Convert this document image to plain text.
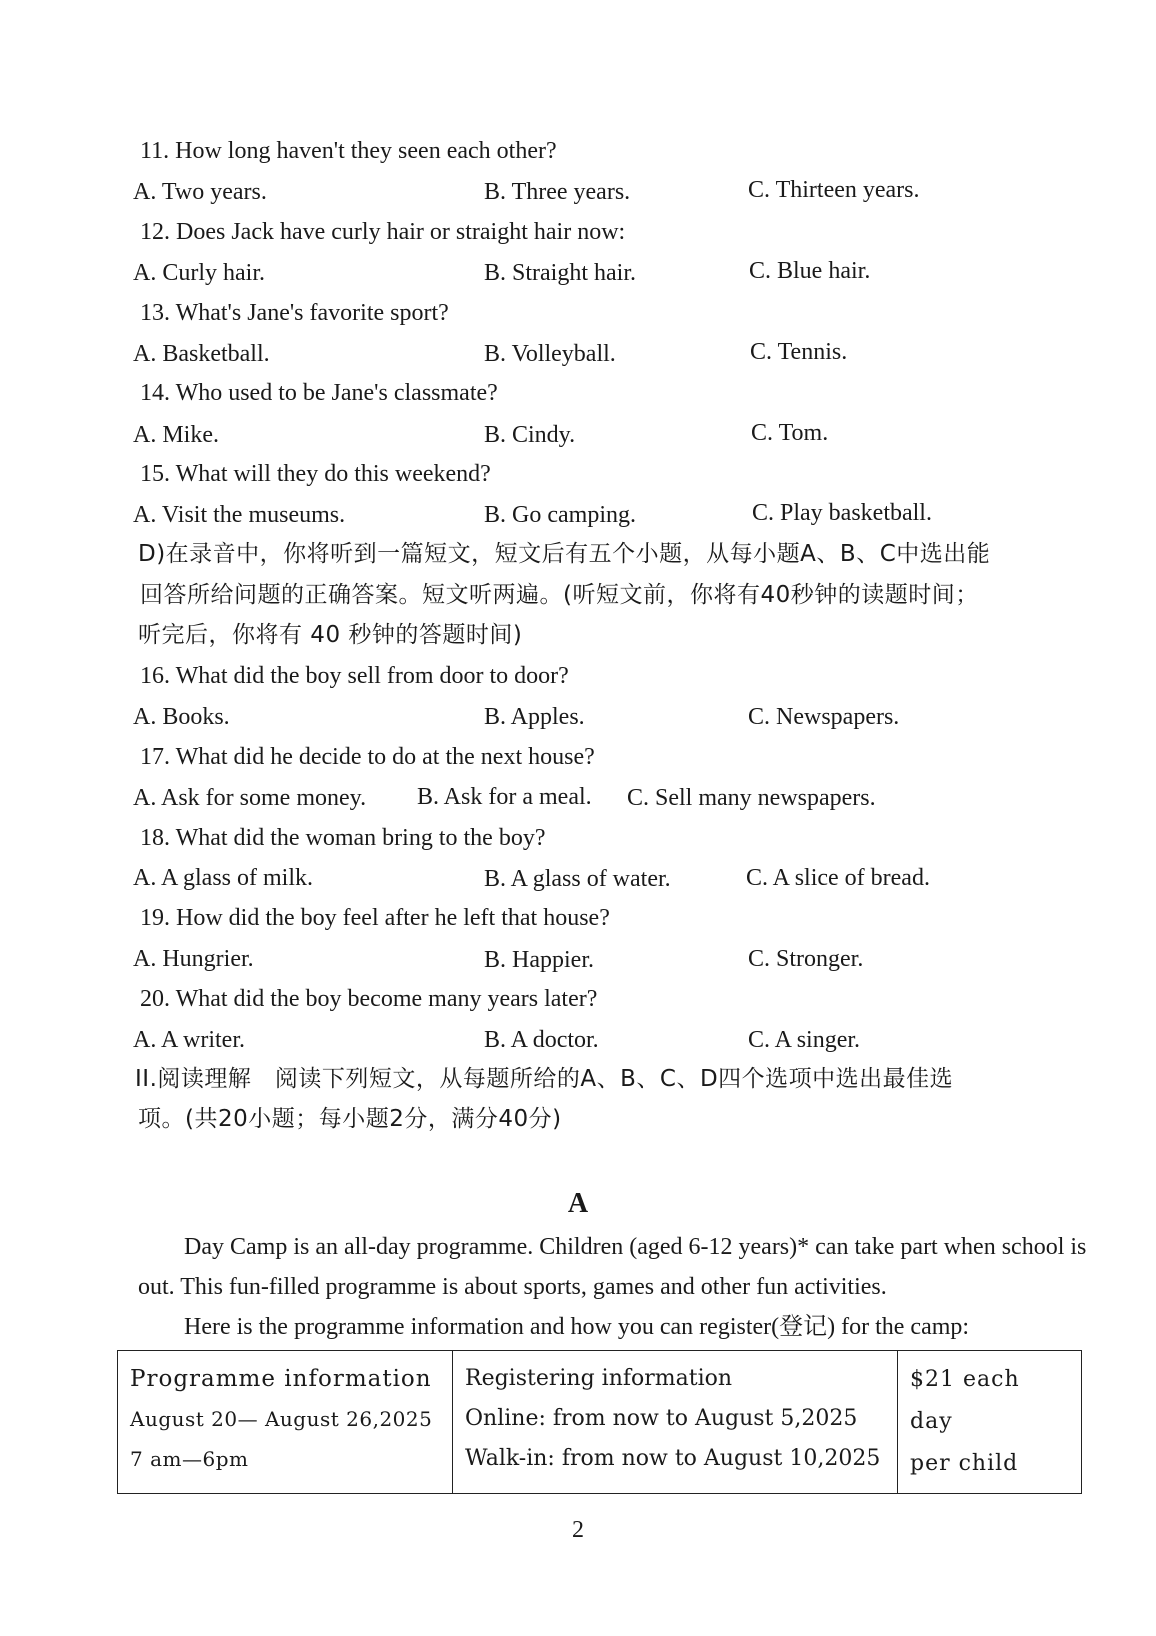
11. How long haven't they seen each other?
A. Two years.	B. Three years.	C. Thirteen years.
12. Does Jack have curly hair or straight hair now:
A. Curly hair.	B. Straight hair.	C. Blue hair.
13. What's Jane's favorite sport?
A. Basketball.	B. Volleyball.	C. Tennis.
14. Who used to be Jane's classmate?
A. Mike.	B. Cindy.	C. Tom.
15. What will they do this weekend?
A. Visit the museums.	B. Go camping.	C. Play basketball.
D)在录音中，你将听到一篇短文，短文后有五个小题，从每小题A、B、C中选出能
回答所给问题的正确答案。短文听两遍。(听短文前，你将有40秒钟的读题时间；
听完后，你将有 40 秒钟的答题时间)
16. What did the boy sell from door to door?
A. Books.	B. Apples.	C. Newspapers.
17. What did he decide to do at the next house?
A. Ask for some money. B. Ask for a meal. C. Sell many newspapers.
18. What did the woman bring to the boy?
A. A glass of milk.	B. A glass of water.	C. A slice of bread.
19. How did the boy feel after he left that house?
A. Hungrier.	B. Happier.	C. Stronger.
20. What did the boy become many years later?
A. A writer.	B. A doctor.	C. A singer.
II.阅读理解　阅读下列短文，从每题所给的A、B、C、D四个选项中选出最佳选
项。(共20小题；每小题2分，满分40分)
A
Day Camp is an all-day programme. Children (aged 6-12 years)* can take part when school is out. This fun-filled programme is about sports, games and other fun activities.
Here is the programme information and how you can register(登记) for the camp:
Programme information
August 20— August 26,2025
7 am—6pm

Registering information
Online: from now to August 5,2025
Walk-in: from now to August 10,2025

$21 each day
per child
2
